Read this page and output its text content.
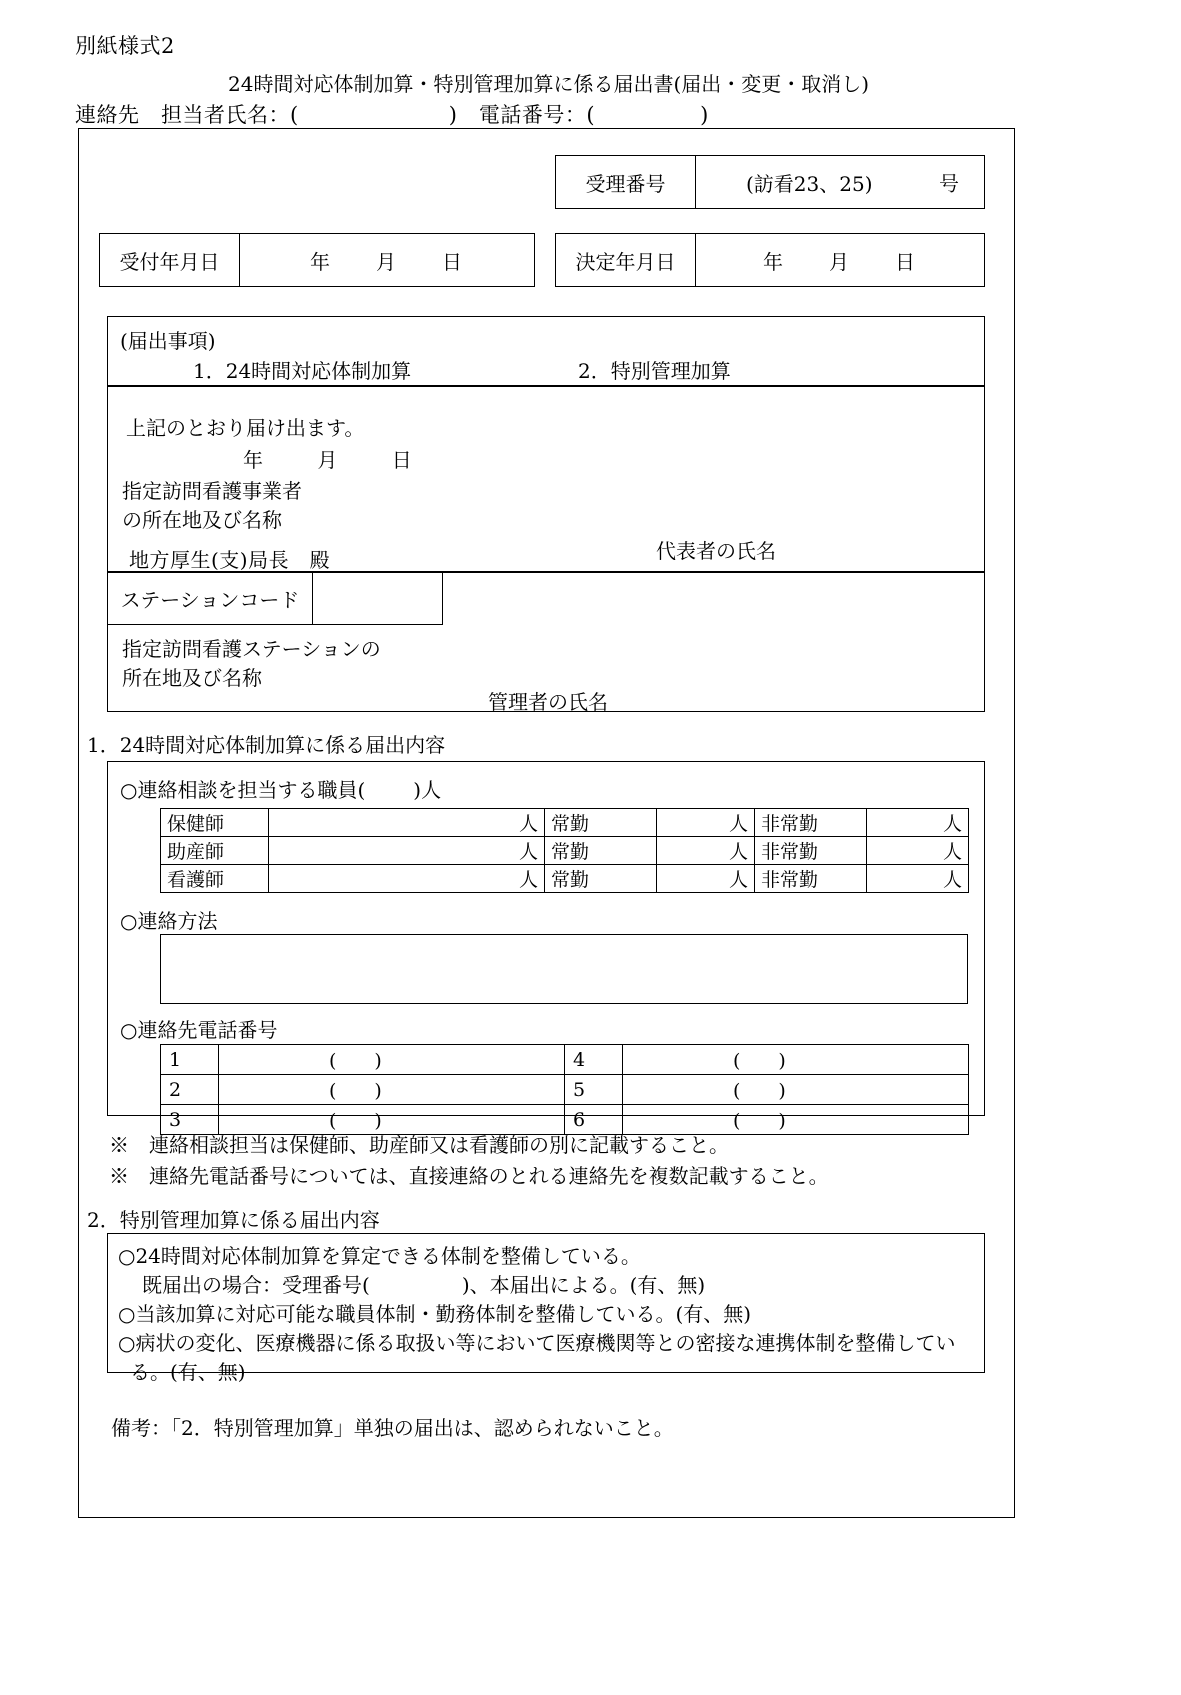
別紙様式2
24時間対応体制加算・特別管理加算に係る届出書(届出・変更・取消し)
連絡先　担当者氏名：(	)　電話番号：(	)
受理番号	(訪看23、25)	号
受付年月日	年 月 日	決定年月日	年 月 日
(届出事項)
1．24時間対応体制加算	2．特別管理加算
上記のとおり届け出ます。
年	月	日
指定訪問看護事業者
の所在地及び名称
代表者の氏名
地方厚生(支)局長　殿
ステーションコード
指定訪問看護ステーションの
所在地及び名称
管理者の氏名
1．24時間対応体制加算に係る届出内容
○連絡相談を担当する職員( )人
保健師	人	常勤	人	非常勤	人
助産師	人	常勤	人	非常勤	人
看護師	人	常勤	人	非常勤	人
○連絡方法
○連絡先電話番号
1	(　　)	4	(　　)
2	(　　)	5	(　　)
3	(　　)	6	(　　)
※　連絡相談担当は保健師、助産師又は看護師の別に記載すること。
※　連絡先電話番号については、直接連絡のとれる連絡先を複数記載すること。
2．特別管理加算に係る届出内容
○24時間対応体制加算を算定できる体制を整備している。
既届出の場合：受理番号(	)、本届出による。(有、無)
○当該加算に対応可能な職員体制・勤務体制を整備している。(有、無)
○病状の変化、医療機器に係る取扱い等において医療機関等との密接な連携体制を整備してい
る。(有、無)
備考：「2．特別管理加算」単独の届出は、認められないこと。
